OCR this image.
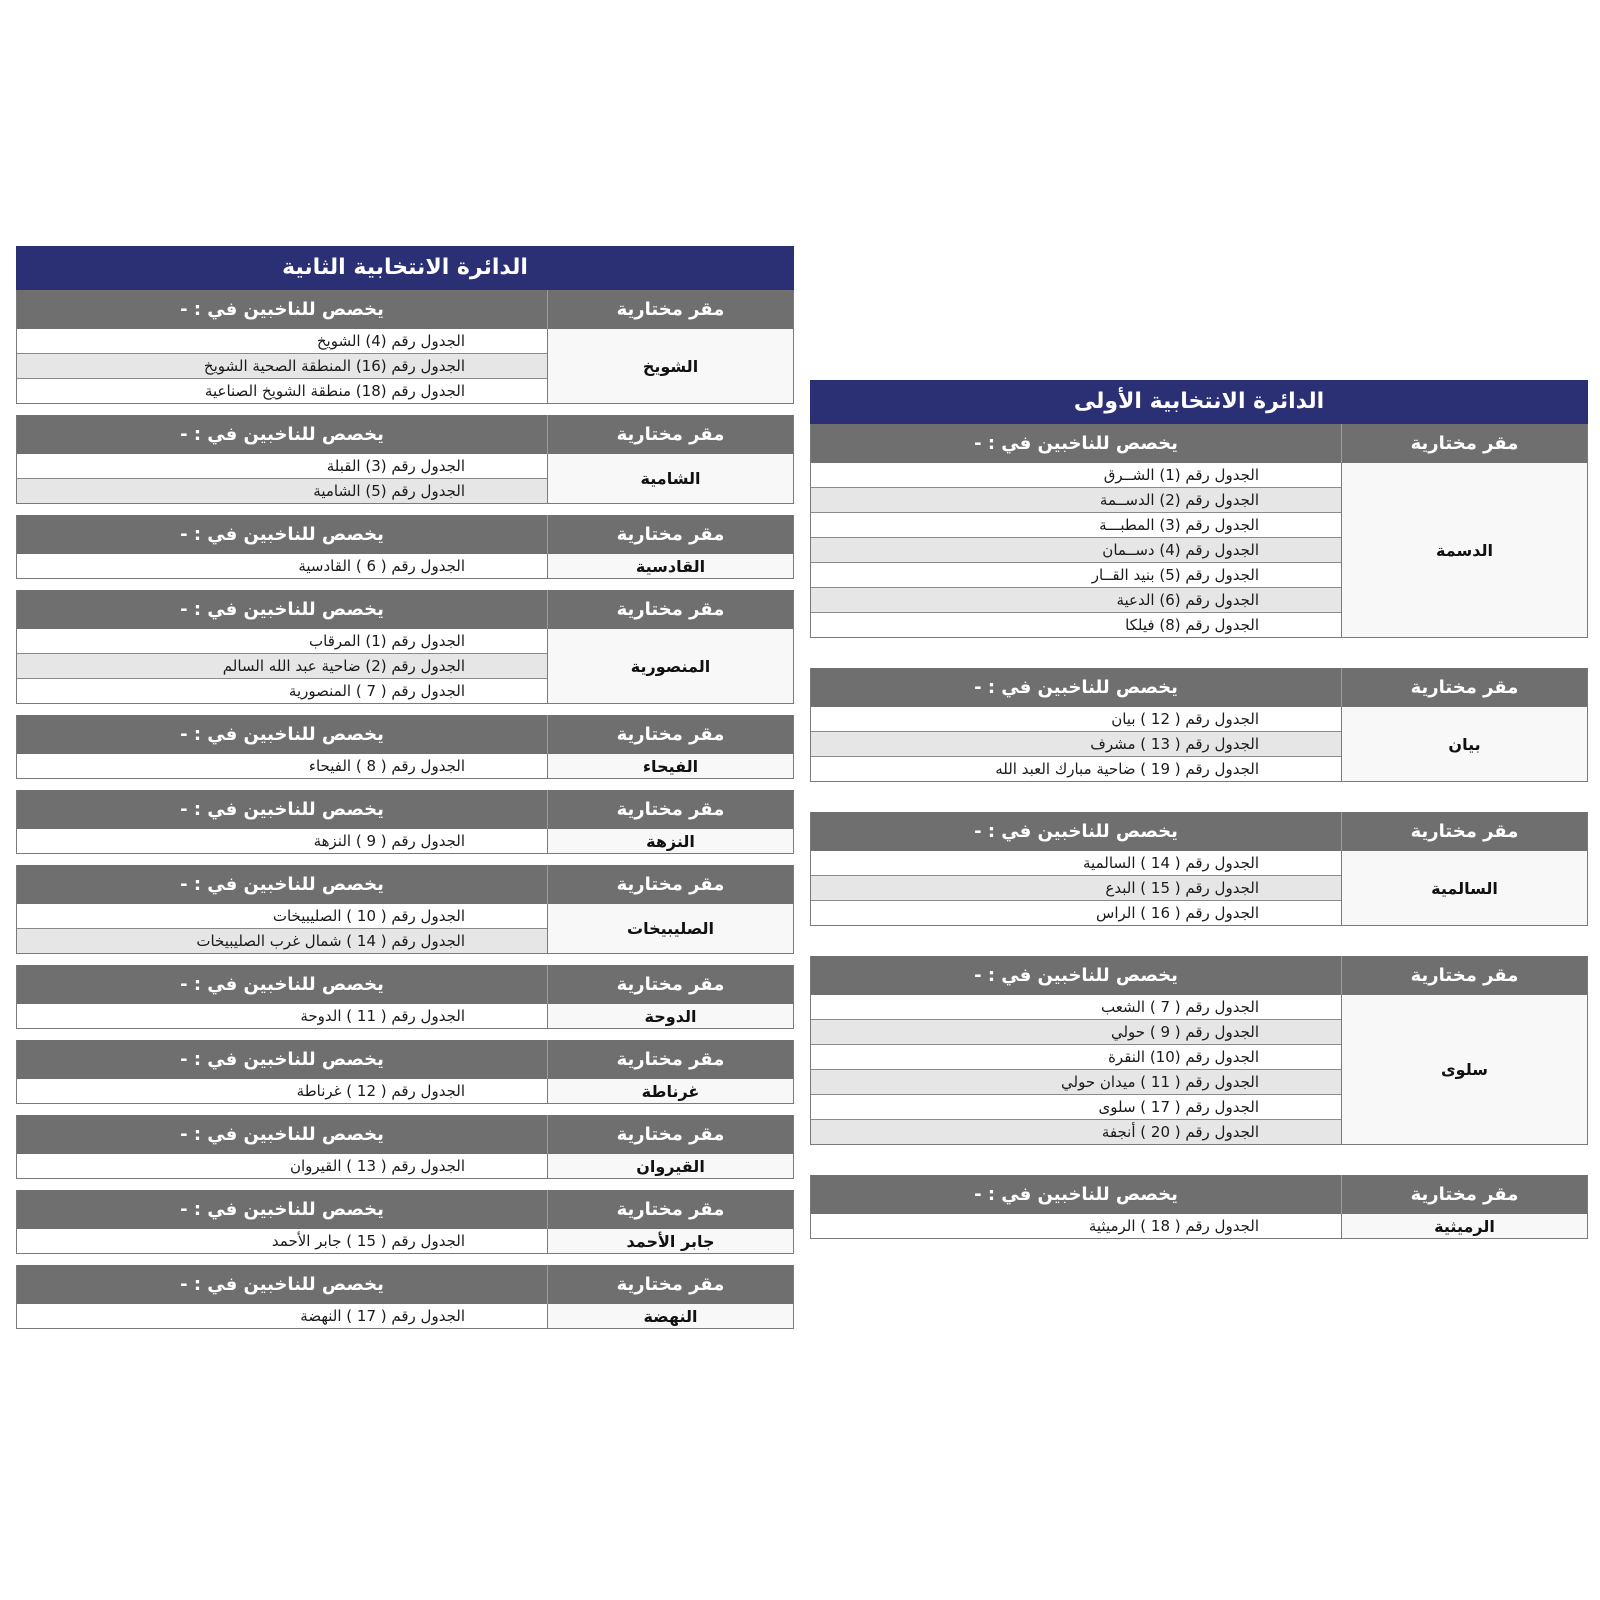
الدائرة الانتخابية الثانية
مقر مختارية
يخصص للناخبين في : -
الشويخ
الجدول رقم (4) الشويخ
الجدول رقم (16) المنطقة الصحية الشويخ
الجدول رقم (18) منطقة الشويخ الصناعية
مقر مختارية
يخصص للناخبين في : -
الشامية
الجدول رقم (3) القبلة
الجدول رقم (5) الشامية
مقر مختارية
يخصص للناخبين في : -
القادسية
الجدول رقم ( 6 ) القادسية
مقر مختارية
يخصص للناخبين في : -
المنصورية
الجدول رقم (1) المرقاب
الجدول رقم (2) ضاحية عبد الله السالم
الجدول رقم ( 7 ) المنصورية
مقر مختارية
يخصص للناخبين في : -
الفيحاء
الجدول رقم ( 8 ) الفيحاء
مقر مختارية
يخصص للناخبين في : -
النزهة
الجدول رقم ( 9 ) النزهة
مقر مختارية
يخصص للناخبين في : -
الصليبيخات
الجدول رقم ( 10 ) الصليبيخات
الجدول رقم ( 14 ) شمال غرب الصليبيخات
مقر مختارية
يخصص للناخبين في : -
الدوحة
الجدول رقم ( 11 ) الدوحة
مقر مختارية
يخصص للناخبين في : -
غرناطة
الجدول رقم ( 12 ) غرناطة
مقر مختارية
يخصص للناخبين في : -
القيروان
الجدول رقم ( 13 ) القيروان
مقر مختارية
يخصص للناخبين في : -
جابر الأحمد
الجدول رقم ( 15 ) جابر الأحمد
مقر مختارية
يخصص للناخبين في : -
النهضة
الجدول رقم ( 17 ) النهضة
الدائرة الانتخابية الأولى
مقر مختارية
يخصص للناخبين في : -
الدسمة
الجدول رقم (1) الشــرق
الجدول رقم (2) الدســمة
الجدول رقم (3) المطبـــة
الجدول رقم (4) دســمان
الجدول رقم (5) بنيد القــار
الجدول رقم (6) الدعية
الجدول رقم (8) فيلكا
مقر مختارية
يخصص للناخبين في : -
بيان
الجدول رقم ( 12 ) بيان
الجدول رقم ( 13 ) مشرف
الجدول رقم ( 19 ) ضاحية مبارك العبد الله
مقر مختارية
يخصص للناخبين في : -
السالمية
الجدول رقم ( 14 ) السالمية
الجدول رقم ( 15 ) البدع
الجدول رقم ( 16 ) الراس
مقر مختارية
يخصص للناخبين في : -
سلوى
الجدول رقم ( 7 ) الشعب
الجدول رقم ( 9 ) حولي
الجدول رقم (10) النقرة
الجدول رقم ( 11 ) ميدان حولي
الجدول رقم ( 17 ) سلوى
الجدول رقم ( 20 ) أنجفة
مقر مختارية
يخصص للناخبين في : -
الرميثية
الجدول رقم ( 18 ) الرميثية
